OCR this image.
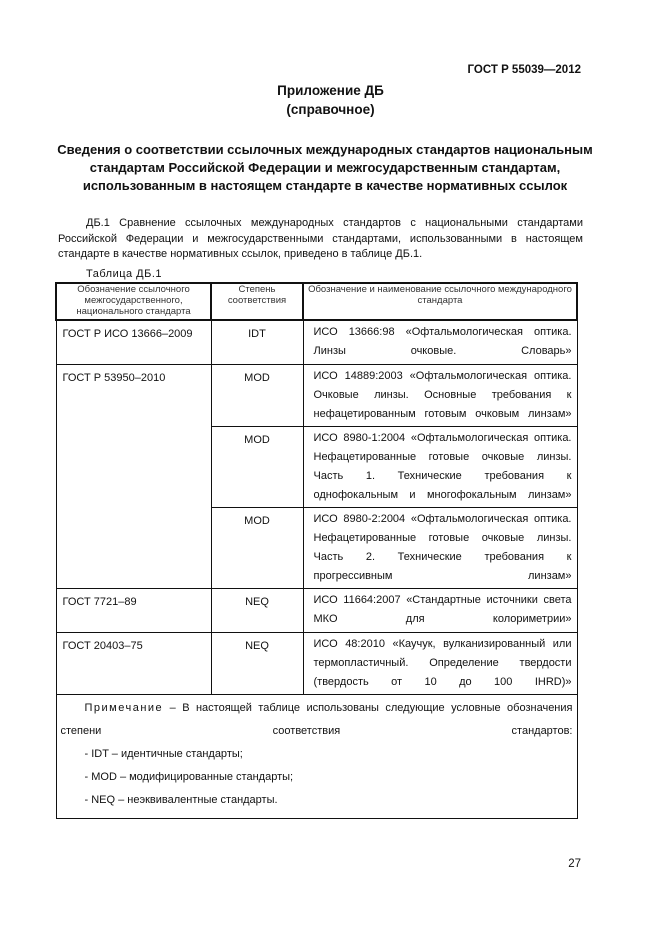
ГОСТ Р 55039—2012
Приложение ДБ
(справочное)
Сведения о соответствии ссылочных международных стандартов национальным стандартам Российской Федерации и межгосударственным стандартам, использованным в настоящем стандарте в качестве нормативных ссылок
ДБ.1 Сравнение ссылочных международных стандартов с национальными стандартами Российской Федерации и межгосударственными стандартами, использованными в настоящем стандарте в качестве нормативных ссылок, приведено в таблице ДБ.1.
Таблица ДБ.1
Обозначение ссылочного межгосударственного, национального стандарта	Степень соответствия	Обозначение и наименование ссылочного международного стандарта
ГОСТ Р ИСО 13666–2009	IDT	ИСО 13666:98 «Офтальмологическая оптика. Линзы очковые. Словарь»
ГОСТ Р 53950–2010	MOD	ИСО 14889:2003 «Офтальмологическая оптика. Очковые линзы. Основные требования к нефацетированным готовым очковым линзам»
	MOD	ИСО 8980-1:2004 «Офтальмологическая оптика. Нефацетированные готовые очковые линзы. Часть 1. Технические требования к однофокальным и многофокальным линзам»
	MOD	ИСО 8980-2:2004 «Офтальмологическая оптика. Нефацетированные готовые очковые линзы. Часть 2. Технические требования к прогрессивным линзам»
ГОСТ 7721–89	NEQ	ИСО 11664:2007 «Стандартные источники света МКО для колориметрии»
ГОСТ 20403–75	NEQ	ИСО 48:2010 «Каучук, вулканизированный или термопластичный. Определение твердости (твердость от 10 до 100 IHRD)»

Примечание – В настоящей таблице использованы следующие условные обозначения степени соответствия стандартов:
- IDT – идентичные стандарты;
- MOD – модифицированные стандарты;
- NEQ – неэквивалентные стандарты.		
27
